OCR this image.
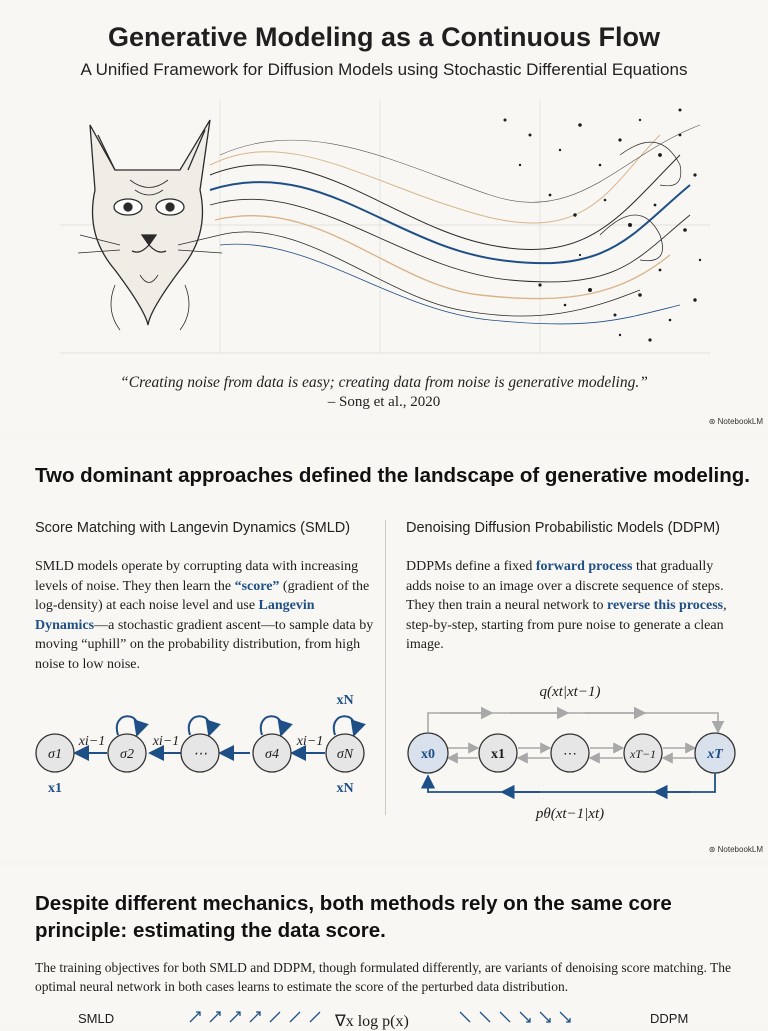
Generative Modeling as a Continuous Flow
A Unified Framework for Diffusion Models using Stochastic Differential Equations
“Creating noise from data is easy; creating data from noise is generative modeling.”
– Song et al., 2020
⊛ NotebookLM
Two dominant approaches defined the landscape of generative modeling.
Score Matching with Langevin Dynamics (SMLD)	Denoising Diffusion Probabilistic Models (DDPM)
SMLD models operate by corrupting data with increasing levels of noise. They then learn the “score” (gradient of the log-density) at each noise level and use Langevin Dynamics—a stochastic gradient ascent—to sample data by moving “uphill” on the probability distribution, from high noise to low noise.
DDPMs define a fixed forward process that gradually adds noise to an image over a discrete sequence of steps. They then train a neural network to reverse this process, step-by-step, starting from pure noise to generate a clean image.
σ1	σ2	⋯	σ4	σN
xi−1	xi−1	xi−1
xN
x1	xN
q(xt|xt−1)
x0	x1	⋯	xT−1	xT
pθ(xt−1|xt)
⊛ NotebookLM
Despite different mechanics, both methods rely on the same core principle: estimating the data score.
The training objectives for both SMLD and DDPM, though formulated differently, are variants of denoising score matching. The optimal neural network in both cases learns to estimate the score of the perturbed data distribution.
SMLD	DDPM
∇x log p(x)
